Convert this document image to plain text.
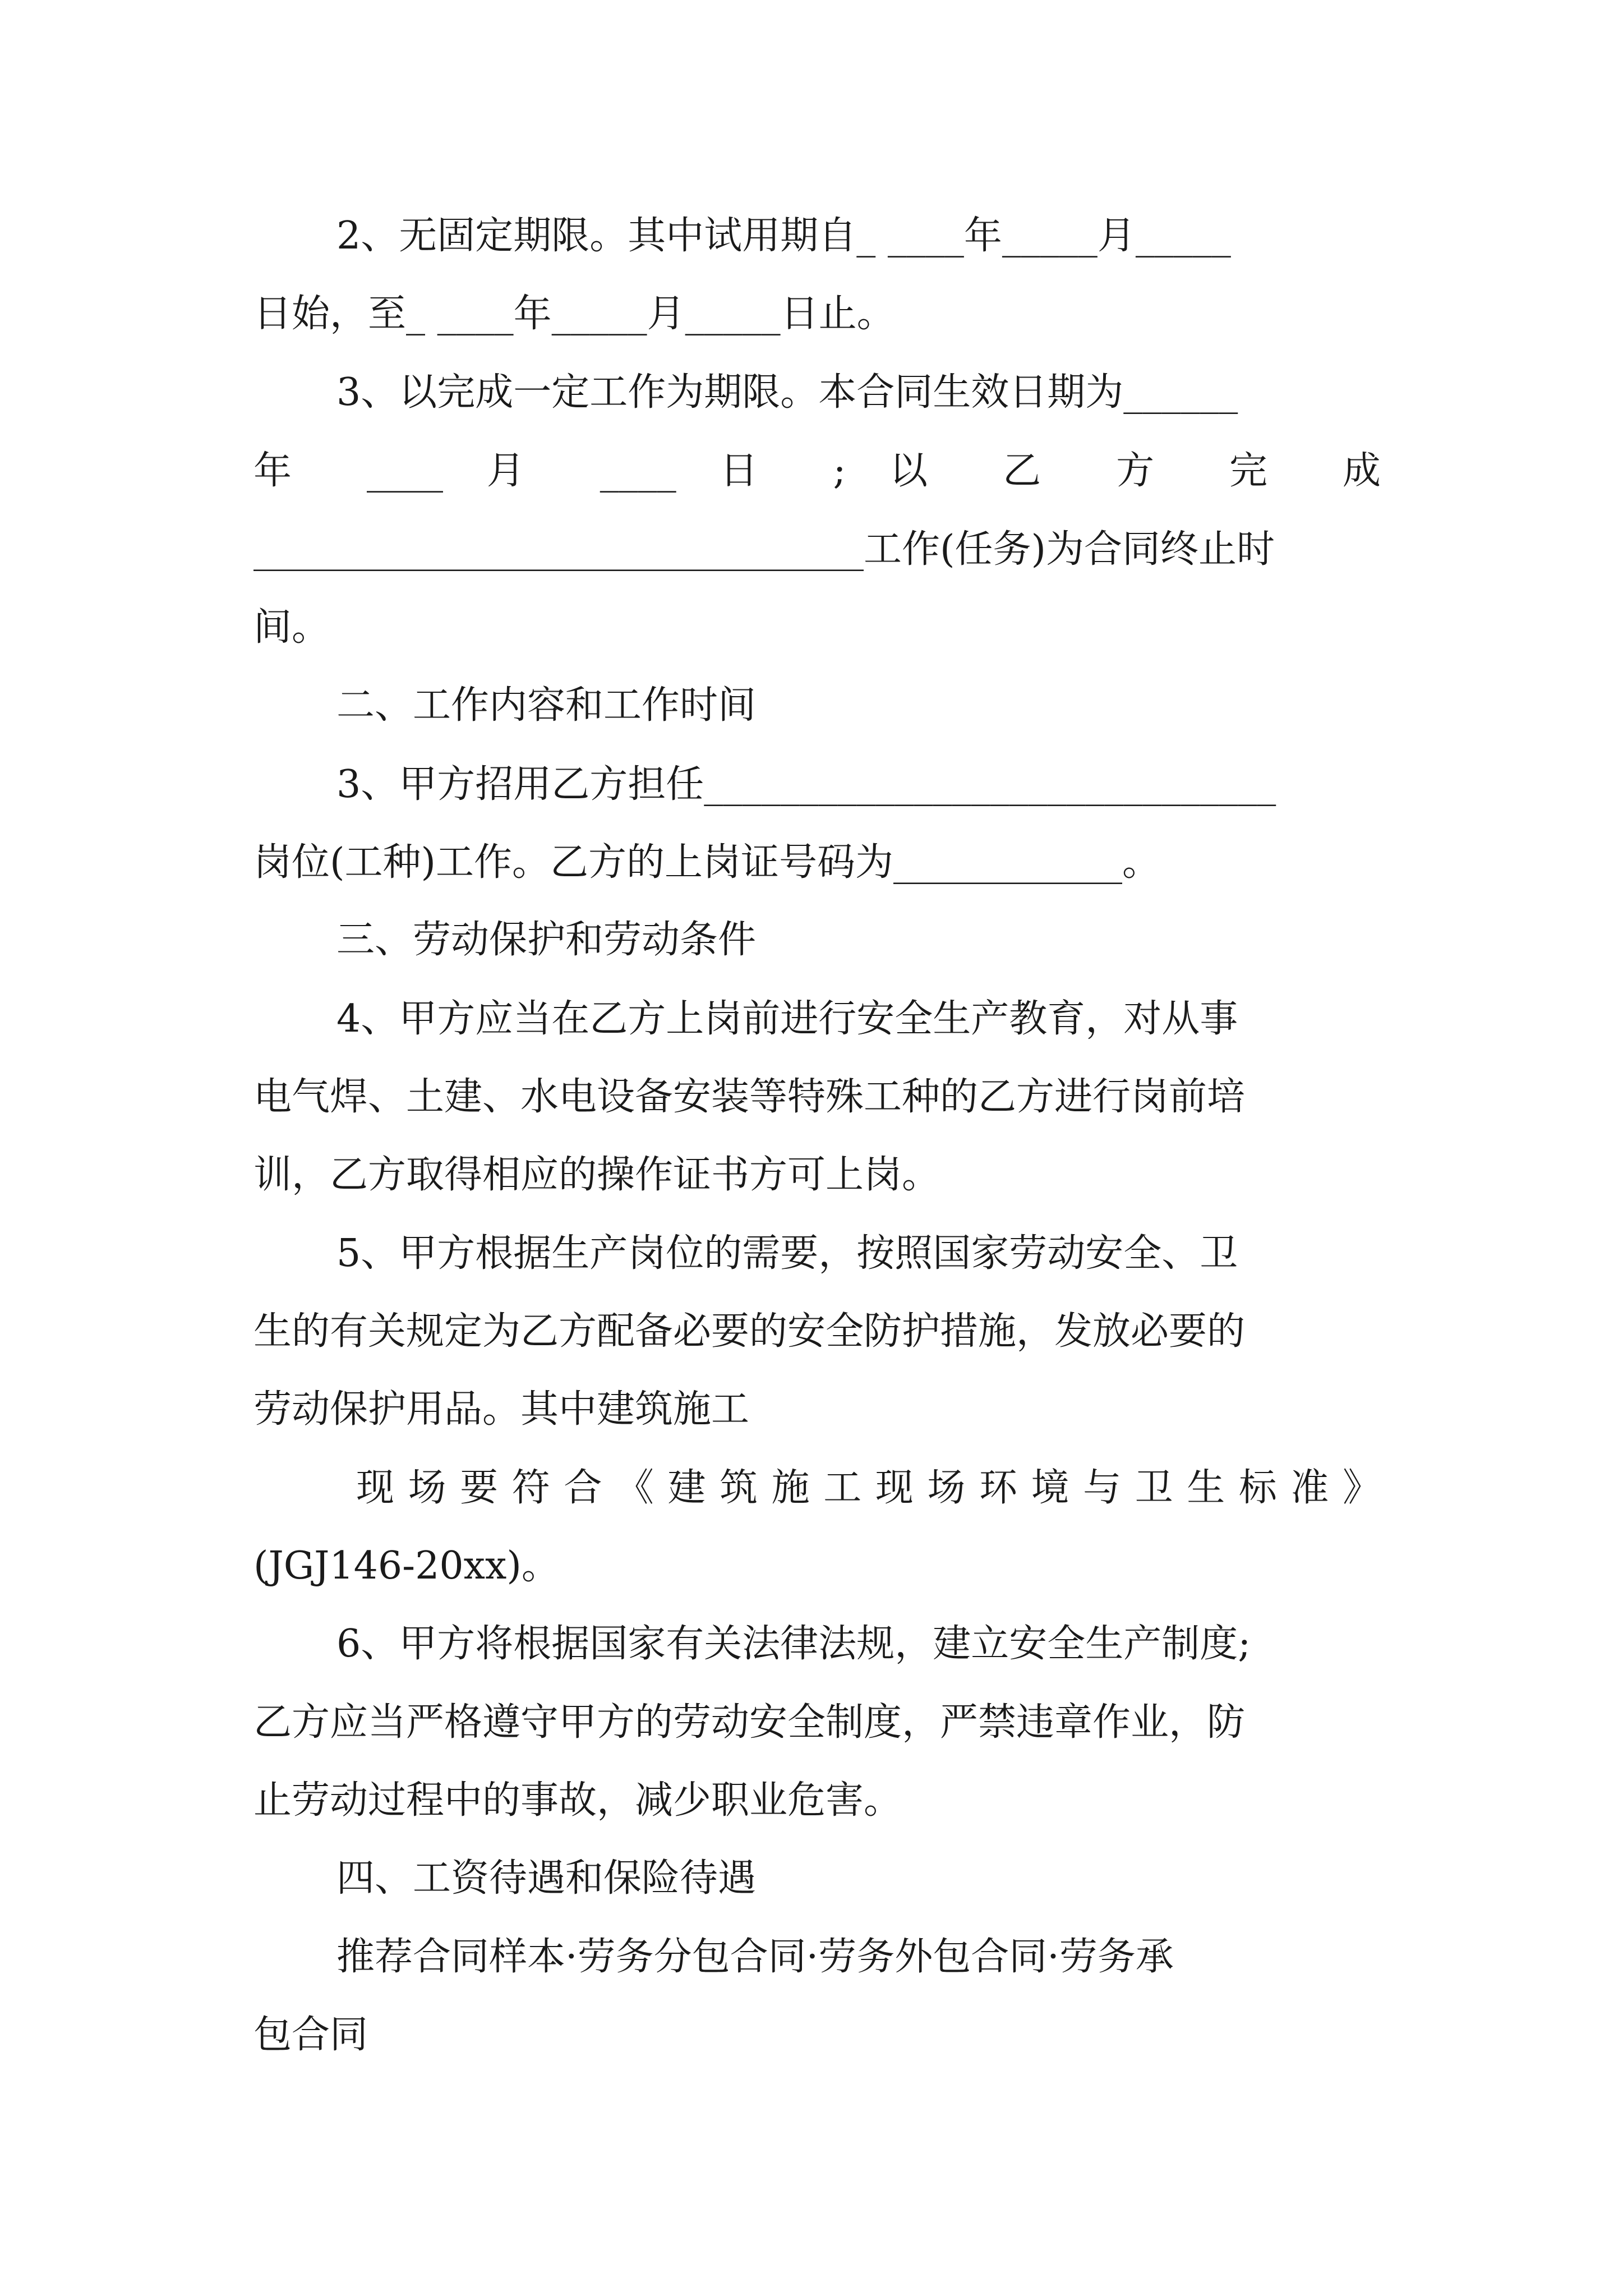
2、无固定期限。其中试用期自_ ____年_____月_____
日始，至_ ____年_____月_____日止。
3、以完成一定工作为期限。本合同生效日期为______
年 ____ 月 ____ 日 ; 以 乙 方 完 成
________________________________工作(任务)为合同终止时
间。
二、工作内容和工作时间
3、甲方招用乙方担任______________________________
岗位(工种)工作。乙方的上岗证号码为____________。
三、劳动保护和劳动条件
4、甲方应当在乙方上岗前进行安全生产教育，对从事
电气焊、土建、水电设备安装等特殊工种的乙方进行岗前培
训，乙方取得相应的操作证书方可上岗。
5、甲方根据生产岗位的需要，按照国家劳动安全、卫
生的有关规定为乙方配备必要的安全防护措施，发放必要的
劳动保护用品。其中建筑施工
现场要符合《建筑施工现场环境与卫生标准》
(JGJ146-20xx)。
6、甲方将根据国家有关法律法规，建立安全生产制度;
乙方应当严格遵守甲方的劳动安全制度，严禁违章作业，防
止劳动过程中的事故，减少职业危害。
四、工资待遇和保险待遇
推荐合同样本·劳务分包合同·劳务外包合同·劳务承
包合同
